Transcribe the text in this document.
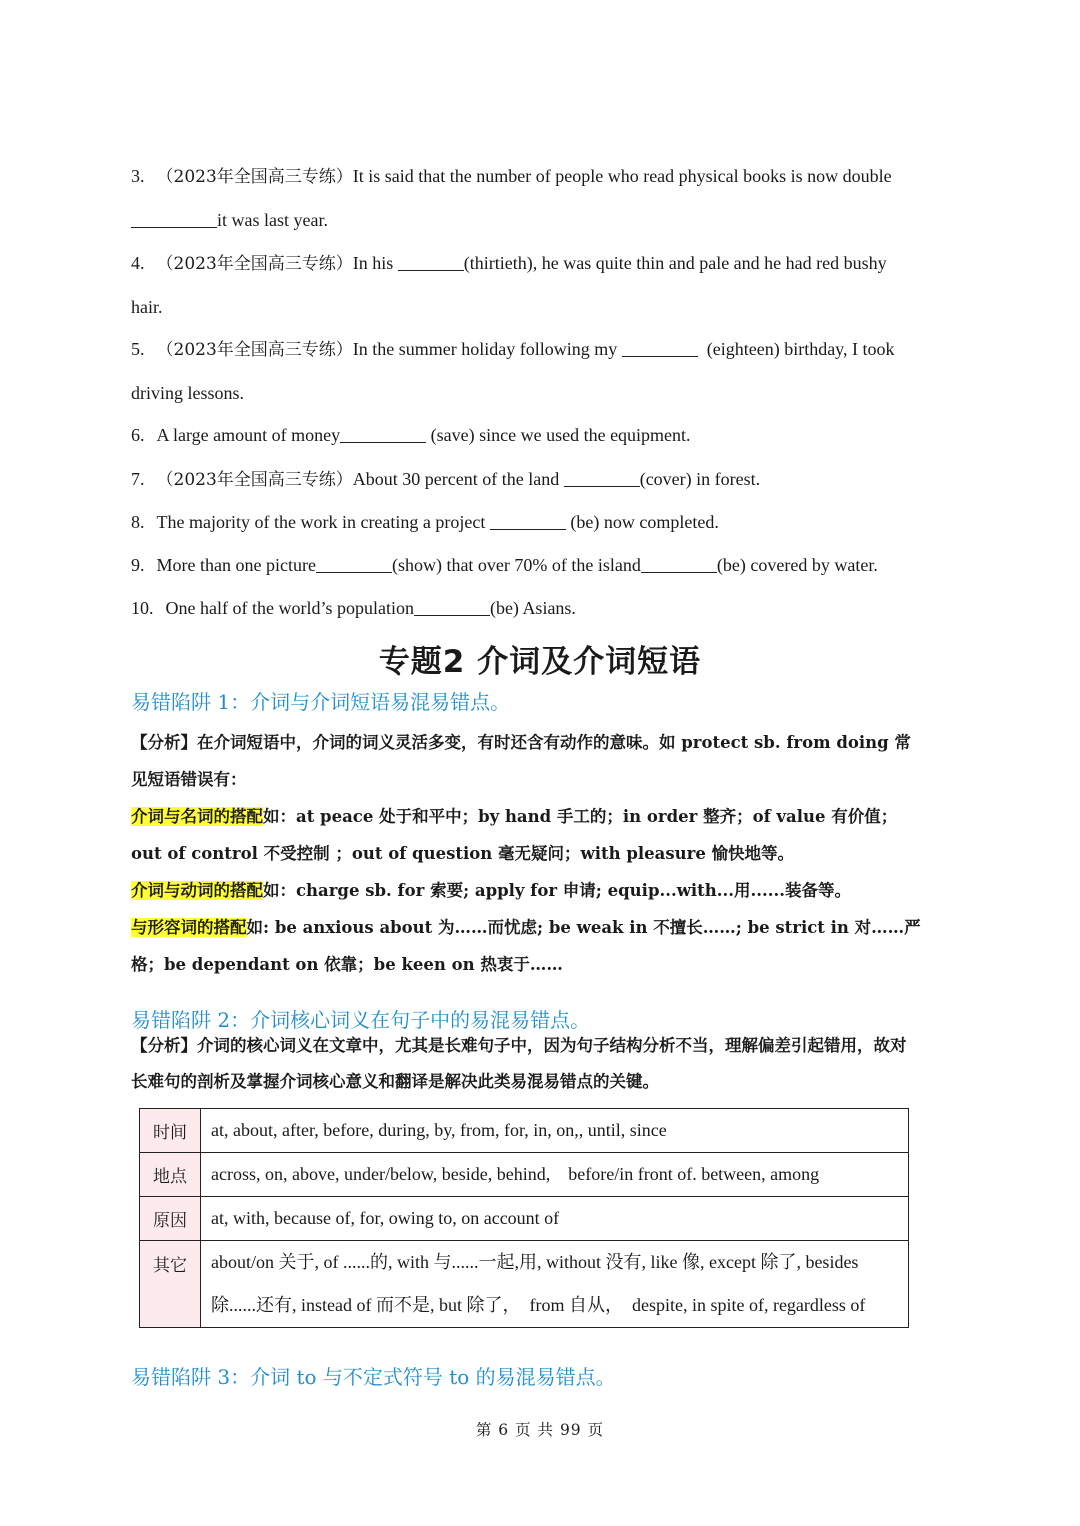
3. （2023年全国高三专练）It is said that the number of people who read physical books is now doubleit was last year.

4. （2023年全国高三专练）In his	(thirtieth), he was quite thin and pale and he had red bushy hair.

5. （2023年全国高三专练）In the summer holiday following my	(eighteen) birthday, I took driving lessons.

6. A large amount of money	(save) since we used the equipment.

7. （2023年全国高三专练）About 30 percent of the land	(cover) in forest.

8. The majority of the work in creating a project	(be) now completed.

9. More than one picture	(show) that over 70% of the island	(be) covered by water.

10. One half of the world’s population	(be) Asians.

专题2 介词及介词短语
易错陷阱 1：介词与介词短语易混易错点。
【分析】在介词短语中，介词的词义灵活多变，有时还含有动作的意味。如 protect sb. from doing 常见短语错误有：
介词与名词的搭配如：at peace 处于和平中；by hand 手工的；in order 整齐；of value 有价值；out of control 不受控制 ；out of question 毫无疑问；with pleasure 愉快地等。
介词与动词的搭配如：charge sb. for 索要; apply for 申请; equip...with...用......装备等。
与形容词的搭配如: be anxious about 为……而忧虑; be weak in 不擅长……; be strict in 对……严格；be dependant on 依靠；be keen on 热衷于……
易错陷阱 2：介词核心词义在句子中的易混易错点。
【分析】介词的核心词义在文章中，尤其是长难句子中，因为句子结构分析不当，理解偏差引起错用，故对长难句的剖析及掌握介词核心意义和翻译是解决此类易混易错点的关键。
时间	at, about, after, before, during, by, from, for, in, on,, until, since
地点	across, on, above, under/below, beside, behind,    before/in front of. between, among
原因	at, with, because of, for, owing to, on account of
其它	about/on 关于, of ......的, with 与......一起,用, without 没有, like 像, except 除了, besides 除......还有, instead of 而不是, but 除了，  from 自从，  despite, in spite of, regardless of
易错陷阱 3：介词 to 与不定式符号 to 的易混易错点。

第 6 页 共 99 页
